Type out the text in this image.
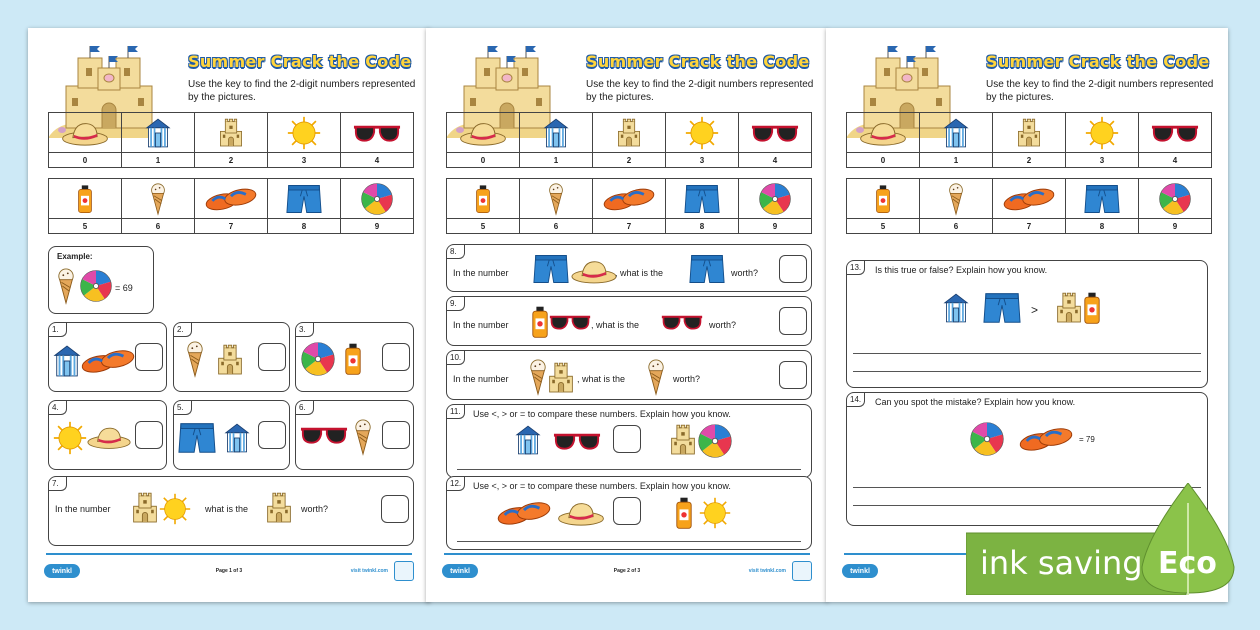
Summer Crack the Code
Use the key to find the 2-digit numbers represented by the pictures.
0	1	2	3	4
5	6	7	8	9
Example:
= 69
1.	2.	3.
4.	5.	6.
7.
In the number	what is the	worth?
twinkl	Page 1 of 3	visit twinkl.com
Summer Crack the Code
Use the key to find the 2-digit numbers represented by the pictures.
0	1	2	3	4
5	6	7	8	9
8.
In the number	, what is the	worth?
9.
In the number	, what is the	worth?
10.
In the number	, what is the	worth?
11.	Use <, > or = to compare these numbers. Explain how you know.
12.	Use <, > or = to compare these numbers. Explain how you know.
twinkl	Page 2 of 3	visit twinkl.com
Summer Crack the Code
Use the key to find the 2-digit numbers represented by the pictures.
0	1	2	3	4
5	6	7	8	9
13.	Is this true or false? Explain how you know.
>
14.	Can you spot the mistake? Explain how you know.
= 79
twinkl	ink saving Eco
